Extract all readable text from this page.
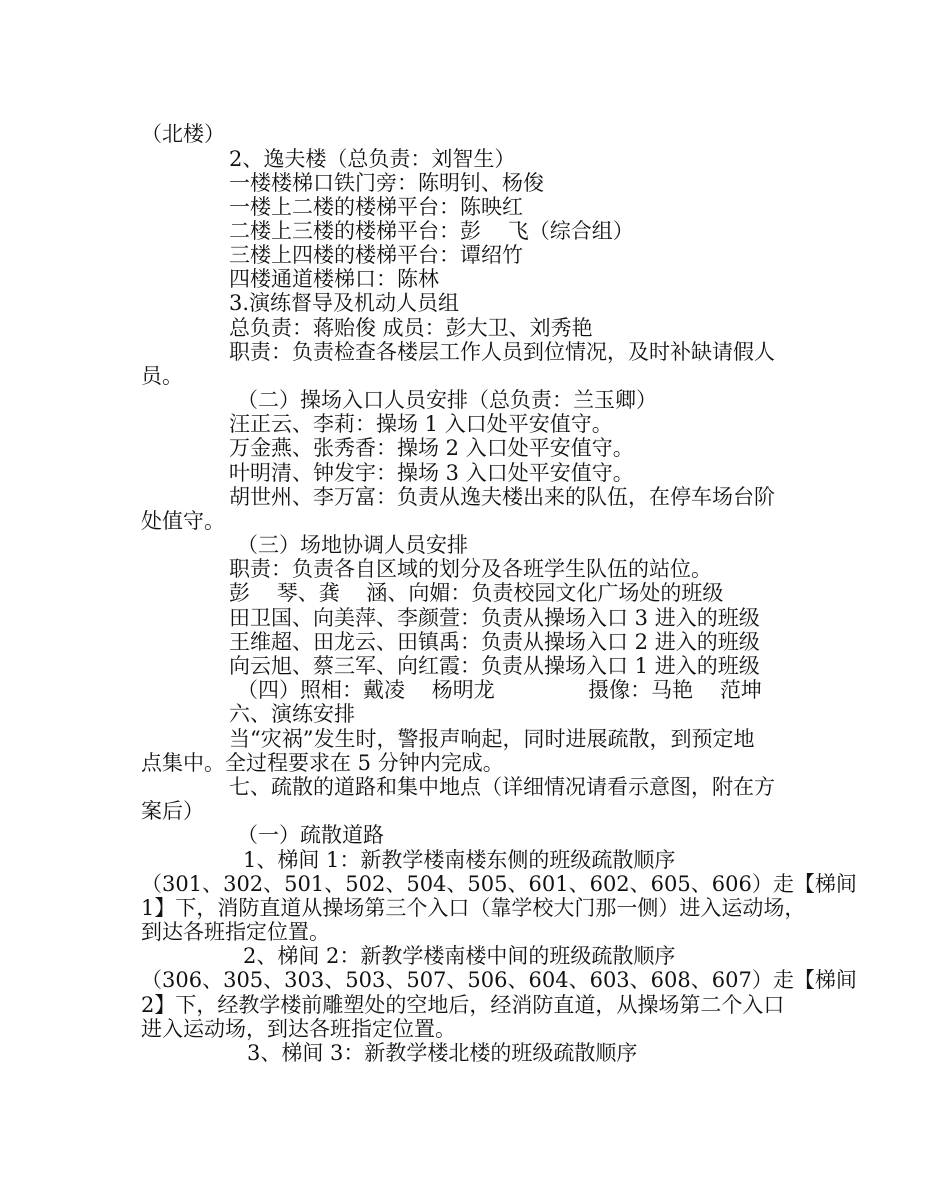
（北楼）
2、逸夫楼（总负责：刘智生）
一楼楼梯口铁门旁：陈明钊、杨俊
一楼上二楼的楼梯平台：陈映红
二楼上三楼的楼梯平台：彭    飞（综合组）
三楼上四楼的楼梯平台：谭绍竹
四楼通道楼梯口：陈林
3.演练督导及机动人员组
总负责：蒋贻俊 成员：彭大卫、刘秀艳
职责：负责检查各楼层工作人员到位情况，及时补缺请假人
员。
（二）操场入口人员安排（总负责：兰玉卿）
汪正云、李莉：操场 1 入口处平安值守。
万金燕、张秀香：操场 2 入口处平安值守。
叶明清、钟发宇：操场 3 入口处平安值守。
胡世州、李万富：负责从逸夫楼出来的队伍，在停车场台阶
处值守。
（三）场地协调人员安排
职责：负责各自区域的划分及各班学生队伍的站位。
彭    琴、龚    涵、向媚：负责校园文化广场处的班级
田卫国、向美萍、李颜萱：负责从操场入口 3 进入的班级
王维超、田龙云、田镇禹：负责从操场入口 2 进入的班级
向云旭、蔡三军、向红霞：负责从操场入口 1 进入的班级
（四）照相：戴凌    杨明龙              摄像：马艳    范坤
六、演练安排
当“灾祸”发生时，警报声响起，同时进展疏散，到预定地
点集中。全过程要求在 5 分钟内完成。
七、疏散的道路和集中地点（详细情况请看示意图，附在方
案后）
（一）疏散道路
1、梯间 1：新教学楼南楼东侧的班级疏散顺序
（301、302、501、502、504、505、601、602、605、606）走【梯间
1】下，消防直道从操场第三个入口（靠学校大门那一侧）进入运动场，
到达各班指定位置。
2、梯间 2：新教学楼南楼中间的班级疏散顺序
（306、305、303、503、507、506、604、603、608、607）走【梯间
2】下，经教学楼前雕塑处的空地后，经消防直道，从操场第二个入口
进入运动场，到达各班指定位置。
3、梯间 3：新教学楼北楼的班级疏散顺序
